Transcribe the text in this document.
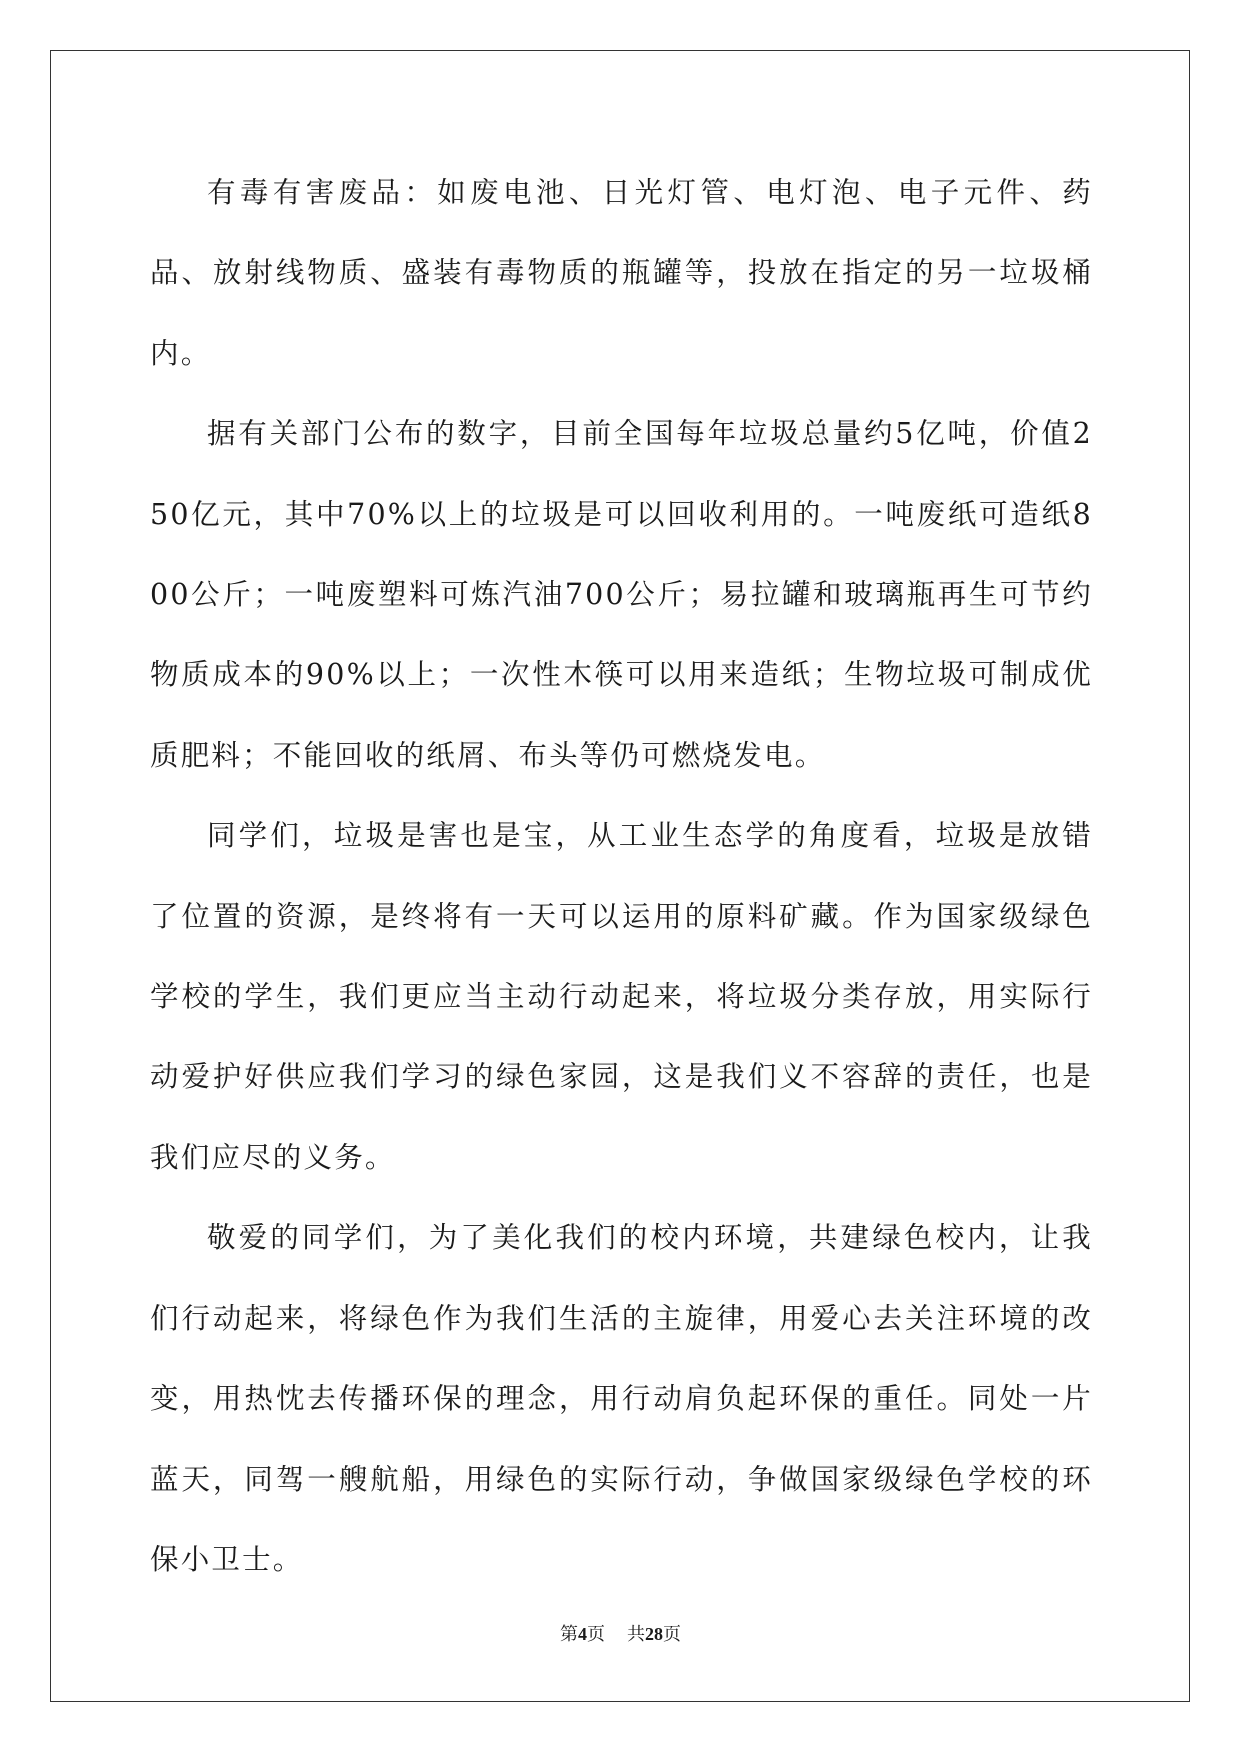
有毒有害废品：如废电池、日光灯管、电灯泡、电子元件、药品、放射线物质、盛装有毒物质的瓶罐等，投放在指定的另一垃圾桶内。

据有关部门公布的数字，目前全国每年垃圾总量约5亿吨，价值250亿元，其中70%以上的垃圾是可以回收利用的。一吨废纸可造纸800公斤；一吨废塑料可炼汽油700公斤；易拉罐和玻璃瓶再生可节约物质成本的90%以上；一次性木筷可以用来造纸；生物垃圾可制成优质肥料；不能回收的纸屑、布头等仍可燃烧发电。

同学们，垃圾是害也是宝，从工业生态学的角度看，垃圾是放错了位置的资源，是终将有一天可以运用的原料矿藏。作为国家级绿色学校的学生，我们更应当主动行动起来，将垃圾分类存放，用实际行动爱护好供应我们学习的绿色家园，这是我们义不容辞的责任，也是我们应尽的义务。

敬爱的同学们，为了美化我们的校内环境，共建绿色校内，让我们行动起来，将绿色作为我们生活的主旋律，用爱心去关注环境的改变，用热忱去传播环保的理念，用行动肩负起环保的重任。同处一片蓝天，同驾一艘航船，用绿色的实际行动，争做国家级绿色学校的环保小卫士。

第4页 共28页
